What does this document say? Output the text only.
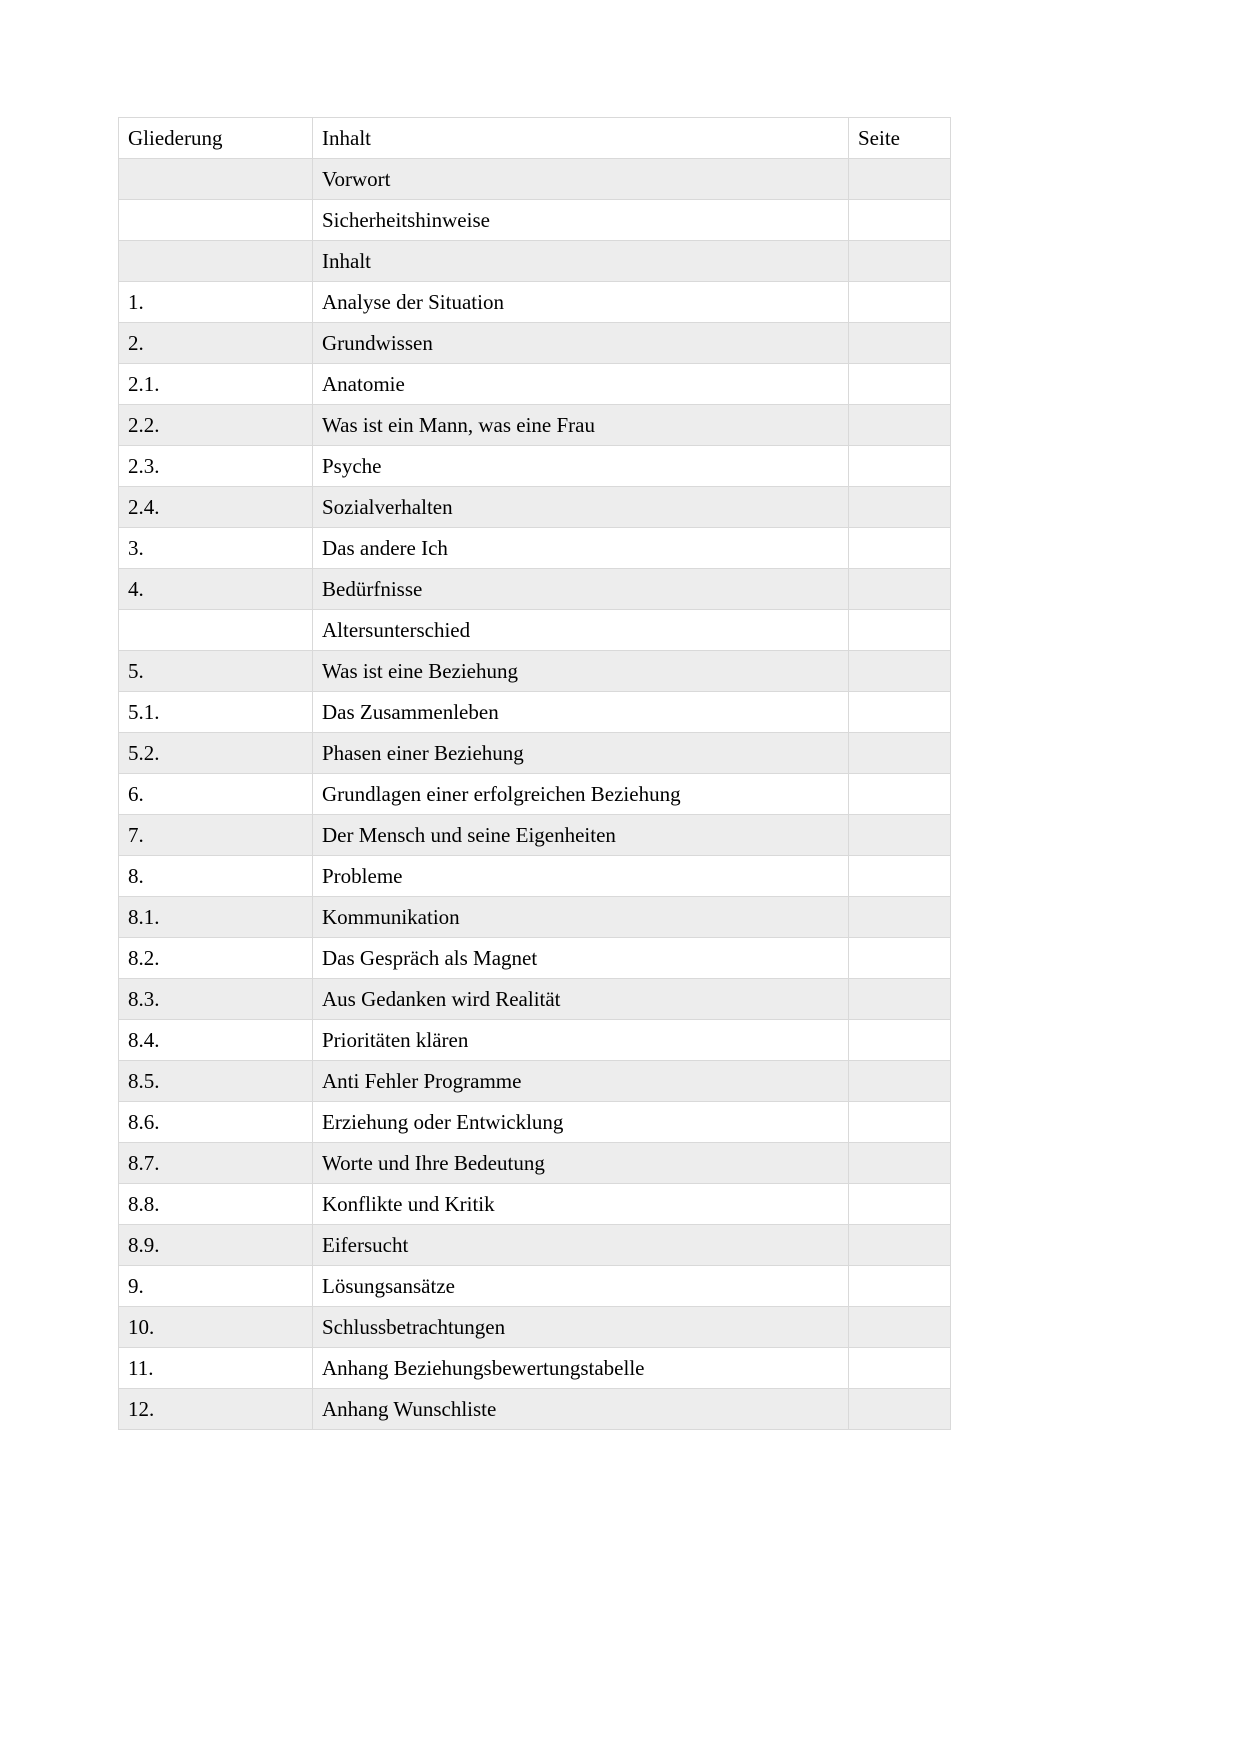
Gliederung	Inhalt	Seite
	Vorwort	
	Sicherheitshinweise	
	Inhalt	
1.	Analyse der Situation	
2.	Grundwissen	
2.1.	Anatomie	
2.2.	Was ist ein Mann, was eine Frau	
2.3.	Psyche	
2.4.	Sozialverhalten	
3.	Das andere Ich	
4.	Bedürfnisse	
	Altersunterschied	
5.	Was ist eine Beziehung	
5.1.	Das Zusammenleben	
5.2.	Phasen einer Beziehung	
6.	Grundlagen einer erfolgreichen Beziehung	
7.	Der Mensch und seine Eigenheiten	
8.	Probleme	
8.1.	Kommunikation	
8.2.	Das Gespräch als Magnet	
8.3.	Aus Gedanken wird Realität	
8.4.	Prioritäten klären	
8.5.	Anti Fehler Programme	
8.6.	Erziehung oder Entwicklung	
8.7.	Worte und Ihre Bedeutung	
8.8.	Konflikte und Kritik	
8.9.	Eifersucht	
9.	Lösungsansätze	
10.	Schlussbetrachtungen	
11.	Anhang Beziehungsbewertungstabelle	
12.	Anhang Wunschliste	
